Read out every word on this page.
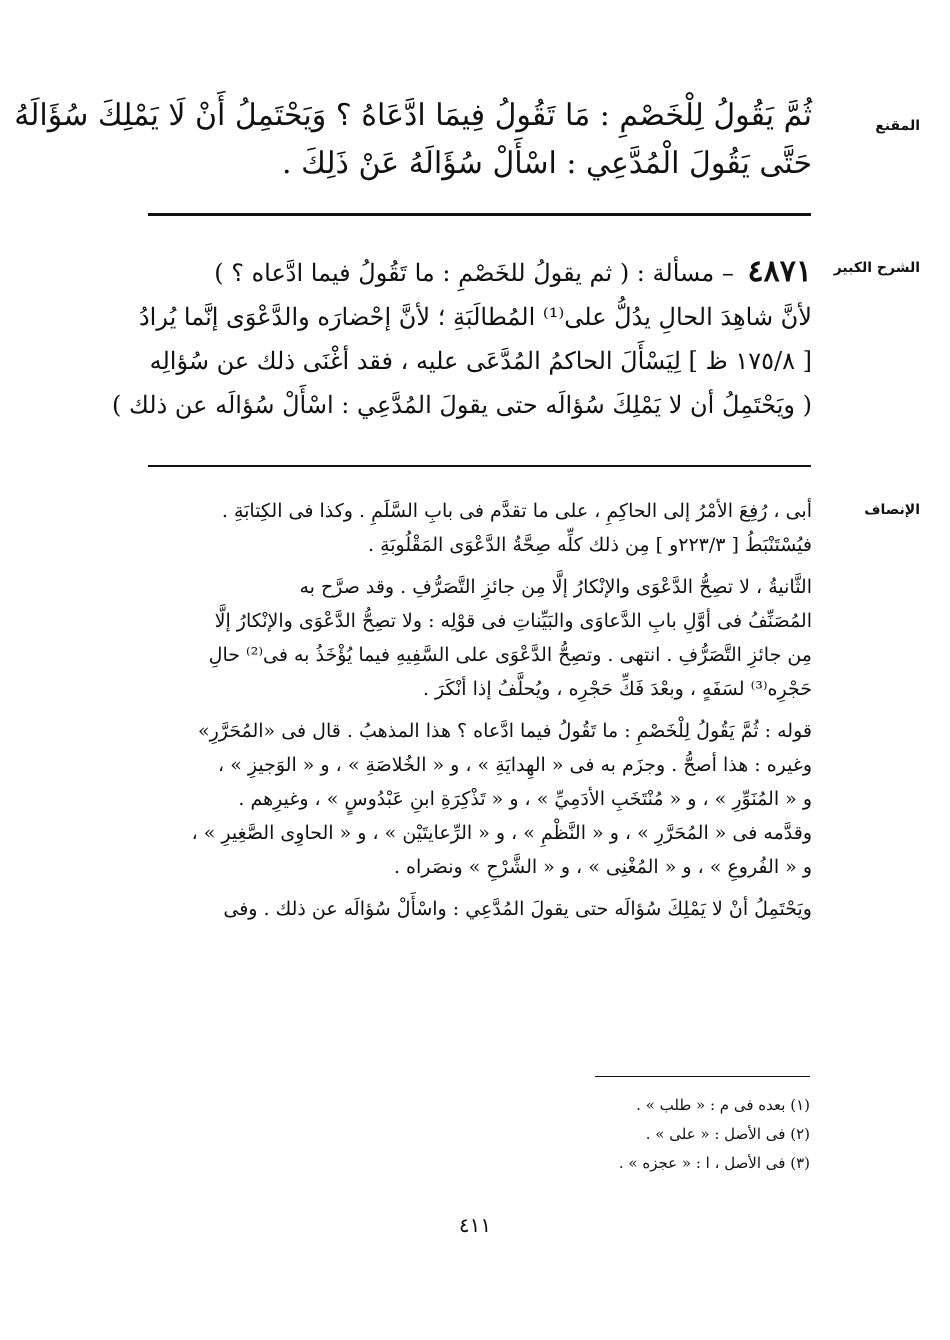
المقنع
ثُمَّ يَقُولُ لِلْخَصْمِ : مَا تَقُولُ فِيمَا ادَّعَاهُ ؟ وَيَحْتَمِلُ أَنْ لَا يَمْلِكَ سُؤَالَهُ
حَتَّى يَقُولَ الْمُدَّعِي : اسْأَلْ سُؤَالَهُ عَنْ ذَلِكَ .
الشرح الكبير
٤٨٧١ – مسألة : ( ثم يقولُ للخَصْمِ : ما تَقُولُ فيما ادَّعاه ؟ )
لأنَّ شاهِدَ الحالِ يدُلُّ على⁽¹⁾ المُطالَبَةِ ؛ لأنَّ إحْضارَه والدَّعْوَى إنَّما يُرادُ
[ ١٧٥/٨ ظ ] لِيَسْأَلَ الحاكمُ المُدَّعَى عليه ، فقد أغْنَى ذلك عن سُؤالِه
( ويَحْتَمِلُ أن لا يَمْلِكَ سُؤالَه حتى يقولَ المُدَّعِي : اسْأَلْ سُؤالَه عن ذلك )
الإنصاف
أبى ، رُفِعَ الأمْرُ إلى الحاكِمِ ، على ما تقدَّم فى بابِ السَّلَمِ . وكذا فى الكِتابَةِ .
فيُسْتَنْبَطُ [ ٢٢٣/٣و ] مِن ذلك كلِّه صِحَّةُ الدَّعْوَى المَقْلُوبَةِ .
الثَّانيةُ ، لا تصِحُّ الدَّعْوَى والإنْكارُ إلَّا مِن جائزِ التَّصَرُّفِ . وقد صرَّح به
المُصَنِّفُ فى أوَّلِ بابِ الدَّعاوَى والبَيِّناتِ فى قوْلِه : ولا تصِحُّ الدَّعْوَى والإنْكارُ إلَّا
مِن جائزِ التَّصَرُّفِ . انتهى . وتصِحُّ الدَّعْوَى على السَّفِيهِ فيما يُؤْخَذُ به فى⁽²⁾ حالِ
حَجْرِه⁽³⁾ لسَفَهٍ ، وبعْدَ فَكِّ حَجْرِه ، ويُحلَّفُ إذا أنْكَرَ .
قوله : ثُمَّ يَقُولُ لِلْخَصْمِ : ما تَقُولُ فيما ادَّعاه ؟ هذا المذهبُ . قال فى «المُحَرَّرِ»
وغيره : هذا أصحُّ . وجزَم به فى « الهِدايَةِ » ، و « الخُلاصَةِ » ، و « الوَجيزِ » ،
و « المُنَوِّرِ » ، و « مُنْتَخَبِ الأدَمِيِّ » ، و « تَذْكِرَةِ ابنِ عَبْدُوسٍ » ، وغيرِهم .
وقدَّمه فى « المُحَرَّرِ » ، و « النَّظْمِ » ، و « الرِّعايتَيْن » ، و « الحاوِى الصَّغِيرِ » ،
و « الفُروعِ » ، و « المُغْنِى » ، و « الشَّرْحِ » ونصَراه .
ويَحْتَمِلُ أنْ لا يَمْلِكَ سُؤالَه حتى يقولَ المُدَّعِي : واسْأَلْ سُؤالَه عن ذلك . وفى
(١) بعده فى م : « طلب » .
(٢) فى الأصل : « على » .
(٣) فى الأصل ، ا : « عجزه » .
٤١١
